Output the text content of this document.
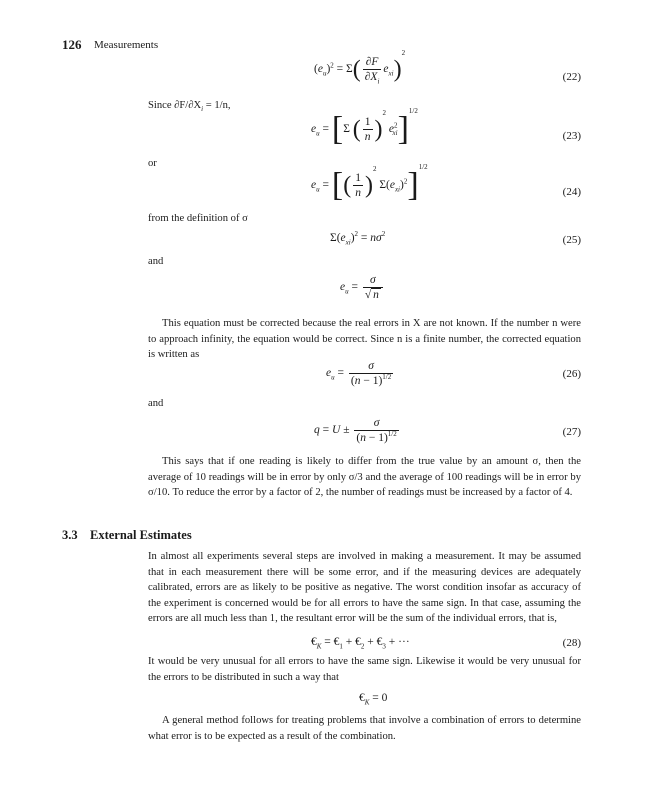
126 Measurements
$(e_u)^2 = \Sigma( \frac{\partial F}{\partial X_i} e_{xi})^2$
(22)
Since $\partial F/\partial X_i = 1/n$,
$e_u = [\Sigma$ ( $\frac{1}{n} )^2$ $e^2_{xi}]^{1/2}$
(23)
or
$e_u$ = [( $\frac{1}{n} )^2$ $\Sigma(e_{xi})^2]^{1/2}$
(24)
from the definition of σ
$\Sigma(e_{xi})^2 = n\sigma^2$	(25)
and
$e_u = \frac{\sigma}{√ n}$
This equation must be corrected because the real errors in X are not known. If the number n were to approach infinity, the equation would be correct. Since n is a finite number, the corrected equation is written as
$e_u = \frac{\sigma}{(n - 1)^{1/2}}$	(26)
and
$q = U \pm \frac{\sigma}{(n - 1)^{1/2}}$	(27)
This says that if one reading is likely to differ from the true value by an amount σ, then the average of 10 readings will be in error by only σ/3 and the average of 100 readings will be in error by σ/10. To reduce the error by a factor of 2, the number of readings must be increased by a factor of 4.
3.3 External Estimates
In almost all experiments several steps are involved in making a measurement. It may be assumed that in each measurement there will be some error, and if the measuring devices are adequately calibrated, errors are as likely to be positive as negative. The worst condition insofar as accuracy of the experiment is concerned would be for all errors to have the same sign. In that case, assuming the errors are all much less than 1, the resultant error will be the sum of the individual errors, that is,
$€_K$ = $€_1$ + $€_2$ + $€_3$ + ···	(28)
It would be very unusual for all errors to have the same sign. Likewise it would be very unusual for the errors to be distributed in such a way that
$€_K = 0$
A general method follows for treating problems that involve a combination of errors to determine what error is to be expected as a result of the combination.
